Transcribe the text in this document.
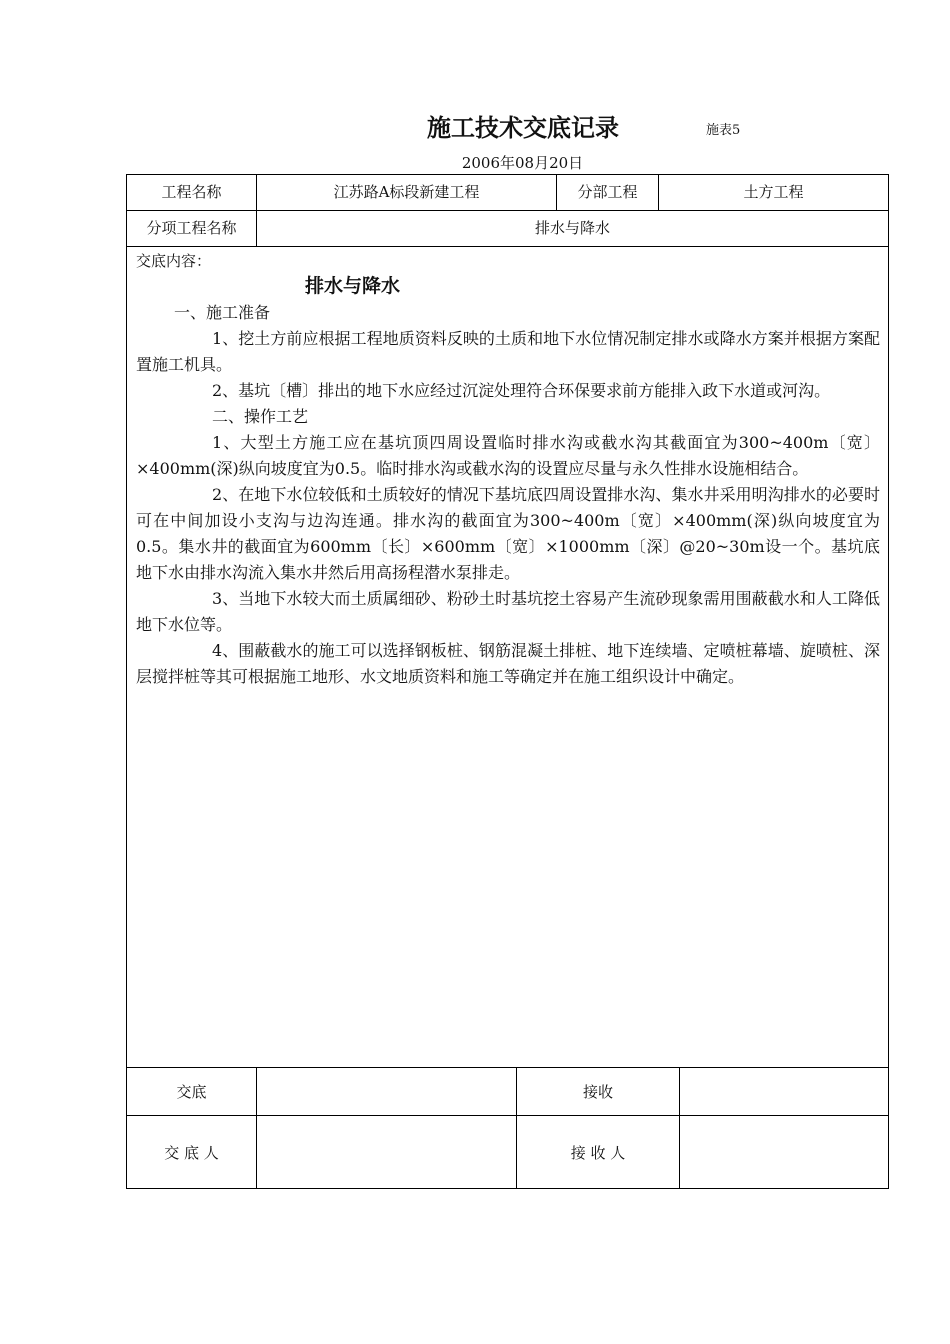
施工技术交底记录	施表5
2006年08月20日
工程名称	江苏路A标段新建工程	分部工程	土方工程
分项工程名称	排水与降水
交底内容：
排水与降水

一、施工准备

1、挖土方前应根据工程地质资料反映的土质和地下水位情况制定排水或降水方案并根据方案配置施工机具。

2、基坑〔槽〕排出的地下水应经过沉淀处理符合环保要求前方能排入政下水道或河沟。

二、操作工艺

1、大型土方施工应在基坑顶四周设置临时排水沟或截水沟其截面宜为300~400m〔宽〕×400mm(深)纵向坡度宜为0.5。临时排水沟或截水沟的设置应尽量与永久性排水设施相结合。

2、在地下水位较低和土质较好的情况下基坑底四周设置排水沟、集水井采用明沟排水的必要时可在中间加设小支沟与边沟连通。排水沟的截面宜为300~400m〔宽〕×400mm(深)纵向坡度宜为0.5。集水井的截面宜为600mm〔长〕×600mm〔宽〕×1000mm〔深〕@20~30m设一个。基坑底地下水由排水沟流入集水井然后用高扬程潜水泵排走。

3、当地下水较大而土质属细砂、粉砂土时基坑挖土容易产生流砂现象需用围蔽截水和人工降低地下水位等。

4、围蔽截水的施工可以选择钢板桩、钢筋混凝土排桩、地下连续墙、定喷桩幕墙、旋喷桩、深层搅拌桩等其可根据施工地形、水文地质资料和施工等确定并在施工组织设计中确定。

交底	接收
交 底 人	接 收 人
